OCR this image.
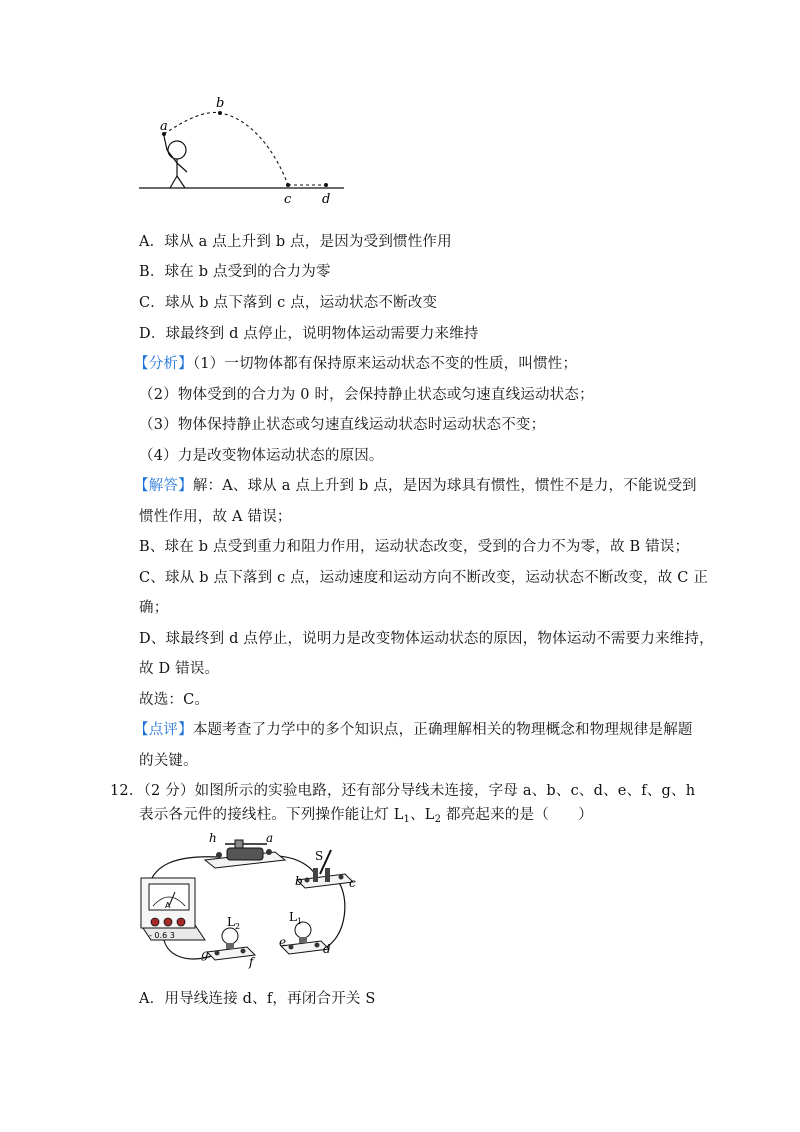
a
b
c d
A．球从 a 点上升到 b 点，是因为受到惯性作用
B．球在 b 点受到的合力为零
C．球从 b 点下落到 c 点，运动状态不断改变
D．球最终到 d 点停止，说明物体运动需要力来维持
【分析】（1）一切物体都有保持原来运动状态不变的性质，叫惯性；
（2）物体受到的合力为 0 时，会保持静止状态或匀速直线运动状态；
（3）物体保持静止状态或匀速直线运动状态时运动状态不变；
（4）力是改变物体运动状态的原因。
【解答】解：A、球从 a 点上升到 b 点，是因为球具有惯性，惯性不是力，不能说受到
惯性作用，故 A 错误；
B、球在 b 点受到重力和阻力作用，运动状态改变，受到的合力不为零，故 B 错误；
C、球从 b 点下落到 c 点，运动速度和运动方向不断改变，运动状态不断改变，故 C 正
确；
D、球最终到 d 点停止，说明力是改变物体运动状态的原因，物体运动不需要力来维持，
故 D 错误。
故选：C。
【点评】本题考查了力学中的多个知识点，正确理解相关的物理概念和物理规律是解题
的关键。
12．（2 分）如图所示的实验电路，还有部分导线未连接，字母 a、b、c、d、e、f、g、h
表示各元件的接线柱。下列操作能让灯 $L_1$、$L_2$ 都亮起来的是（　　）
h	a
S
b	c
A
- 0.6 3
$L_2$
g
f
$L_1$
e	d
A．用导线连接 d、f，再闭合开关 S
